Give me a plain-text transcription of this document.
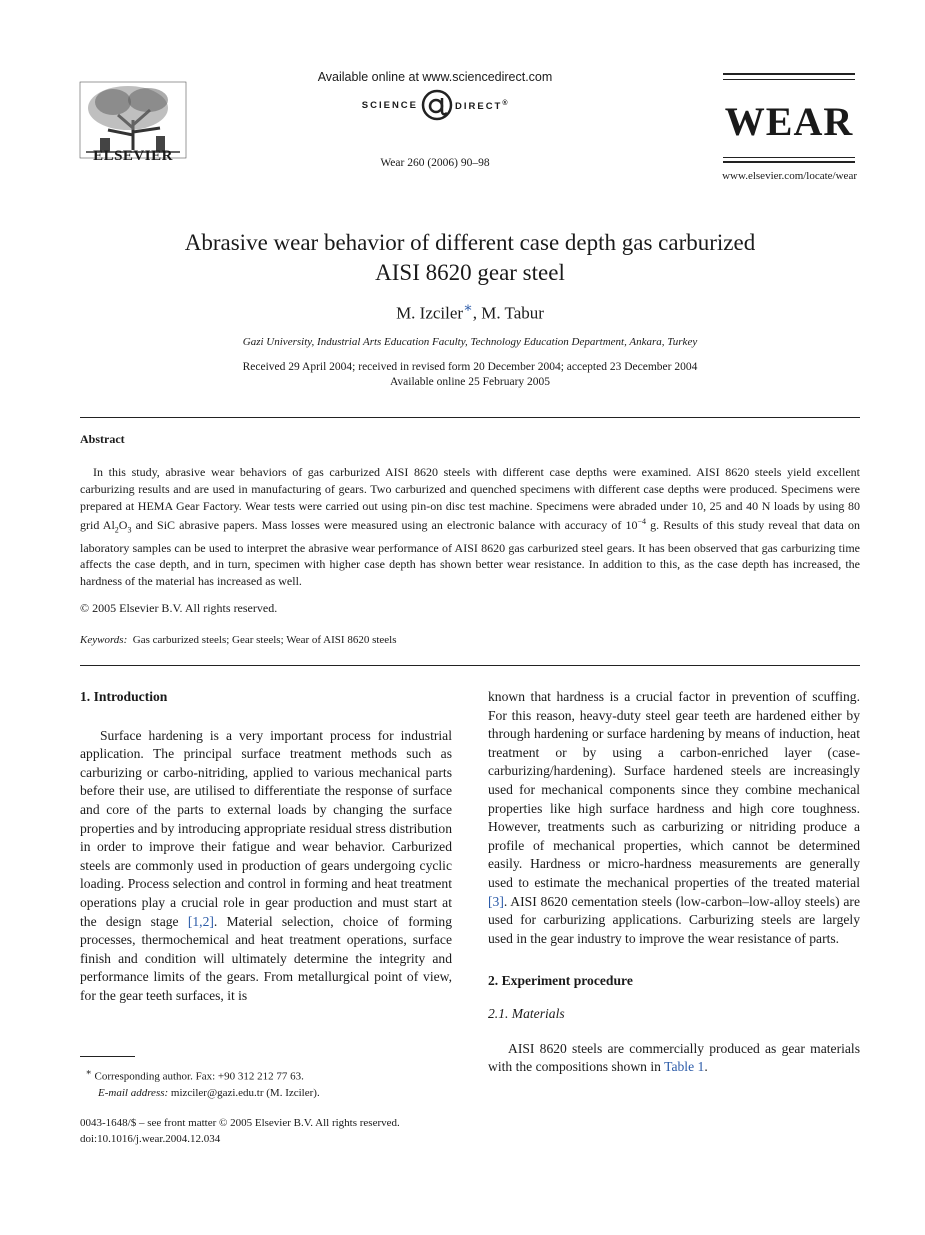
ELSEVIER
Available online at www.sciencedirect.com
SCIENCE	DIRECT®
Wear 260 (2006) 90–98
WEAR
www.elsevier.com/locate/wear
Abrasive wear behavior of different case depth gas carburized
AISI 8620 gear steel
M. Izciler∗, M. Tabur
Gazi University, Industrial Arts Education Faculty, Technology Education Department, Ankara, Turkey
Received 29 April 2004; received in revised form 20 December 2004; accepted 23 December 2004
Available online 25 February 2005
Abstract

In this study, abrasive wear behaviors of gas carburized AISI 8620 steels with different case depths were examined. AISI 8620 steels yield excellent carburizing results and are used in manufacturing of gears. Two carburized and quenched specimens with different case depths were produced. Specimens were prepared at HEMA Gear Factory. Wear tests were carried out using pin-on disc test machine. Specimens were abraded under 10, 25 and 40 N loads by using 80 grid $Al_2O_3$ and SiC abrasive papers. Mass losses were measured using an electronic balance with accuracy of $10^{-4}$ g. Results of this study reveal that data on laboratory samples can be used to interpret the abrasive wear performance of AISI 8620 gas carburized steel gears. It has been observed that gas carburizing time affects the case depth, and in turn, specimen with higher case depth has shown better wear resistance. In addition to this, as the case depth has increased, the hardness of the material has increased as well.

© 2005 Elsevier B.V. All rights reserved.
Keywords: Gas carburized steels; Gear steels; Wear of AISI 8620 steels
1. Introduction

Surface hardening is a very important process for industrial application. The principal surface treatment methods such as carburizing or carbo-nitriding, applied to various mechanical parts before their use, are utilised to differentiate the response of surface and core of the parts to external loads by changing the surface properties and by introducing appropriate residual stress distribution in order to improve their fatigue and wear behavior. Carburized steels are commonly used in production of gears undergoing cyclic loading. Process selection and control in forming and heat treatment operations play a crucial role in gear production and must start at the design stage [1,2]. Material selection, choice of forming processes, thermochemical and heat treatment operations, surface finish and condition will ultimately determine the integrity and performance limits of the gears. From metallurgical point of view, for the gear teeth surfaces, it is

known that hardness is a crucial factor in prevention of scuffing. For this reason, heavy-duty steel gear teeth are hardened either by through hardening or surface hardening by means of induction, heat treatment or by using a carbon-enriched layer (case-carburizing/hardening). Surface hardened steels are increasingly used for mechanical components since they combine mechanical properties like high surface hardness and high core toughness. However, treatments such as carburizing or nitriding produce a profile of mechanical properties, which cannot be determined easily. Hardness or micro-hardness measurements are generally used to estimate the mechanical properties of the treated material [3]. AISI 8620 cementation steels (low-carbon–low-alloy steels) are used for carburizing applications. Carburizing steels are largely used in the gear industry to improve the wear resistance of parts.

2. Experiment procedure
2.1. Materials

AISI 8620 steels are commercially produced as gear materials with the compositions shown in Table 1.

∗ Corresponding author. Fax: +90 312 212 77 63.
E-mail address: mizciler@gazi.edu.tr (M. Izciler).
0043-1648/$ – see front matter © 2005 Elsevier B.V. All rights reserved.
doi:10.1016/j.wear.2004.12.034
